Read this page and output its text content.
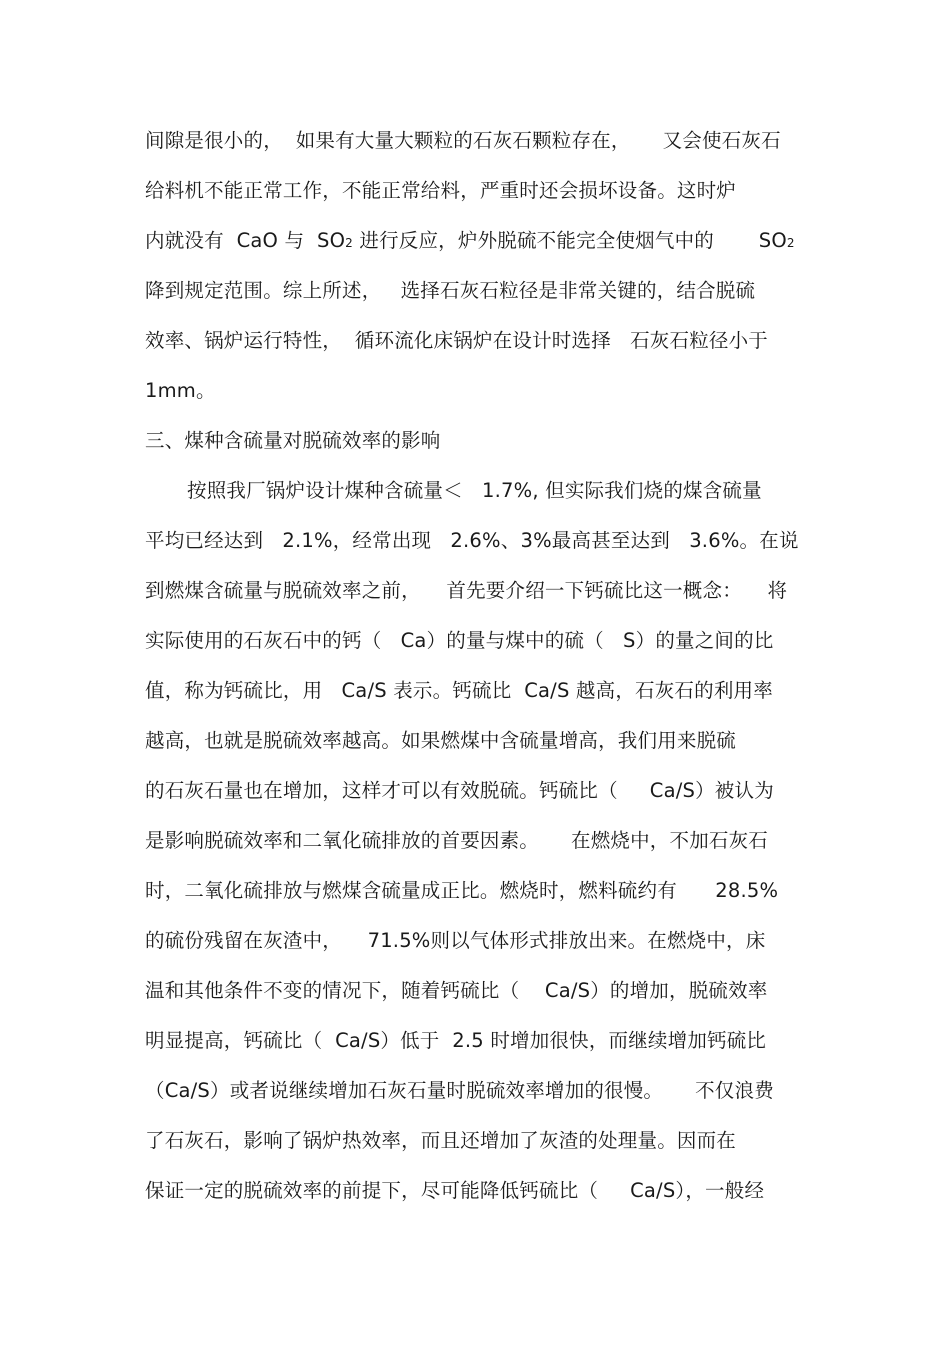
间隙是很小的，  如果有大量大颗粒的石灰石颗粒存在，     又会使石灰石
给料机不能正常工作，不能正常给料，严重时还会损坏设备。这时炉
内就没有  CaO 与  SO2 进行反应，炉外脱硫不能完全使烟气中的       SO2
降到规定范围。综上所述，   选择石灰石粒径是非常关键的，结合脱硫
效率、锅炉运行特性，  循环流化床锅炉在设计时选择   石灰石粒径小于
1mm。
三、煤种含硫量对脱硫效率的影响
按照我厂锅炉设计煤种含硫量＜   1.7%, 但实际我们烧的煤含硫量
平均已经达到   2.1%，经常出现   2.6%、3%最高甚至达到   3.6%。在说
到燃煤含硫量与脱硫效率之前，    首先要介绍一下钙硫比这一概念：    将
实际使用的石灰石中的钙（   Ca）的量与煤中的硫（   S）的量之间的比
值，称为钙硫比，用   Ca/S 表示。钙硫比  Ca/S 越高，石灰石的利用率
越高，也就是脱硫效率越高。如果燃煤中含硫量增高，我们用来脱硫
的石灰石量也在增加，这样才可以有效脱硫。钙硫比（     Ca/S）被认为
是影响脱硫效率和二氧化硫排放的首要因素。     在燃烧中，不加石灰石
时，二氧化硫排放与燃煤含硫量成正比。燃烧时，燃料硫约有      28.5%
的硫份残留在灰渣中，    71.5%则以气体形式排放出来。在燃烧中，床
温和其他条件不变的情况下，随着钙硫比（    Ca/S）的增加，脱硫效率
明显提高，钙硫比（  Ca/S）低于  2.5 时增加很快，而继续增加钙硫比
（Ca/S）或者说继续增加石灰石量时脱硫效率增加的很慢。     不仅浪费
了石灰石，影响了锅炉热效率，而且还增加了灰渣的处理量。因而在
保证一定的脱硫效率的前提下，尽可能降低钙硫比（     Ca/S），一般经
